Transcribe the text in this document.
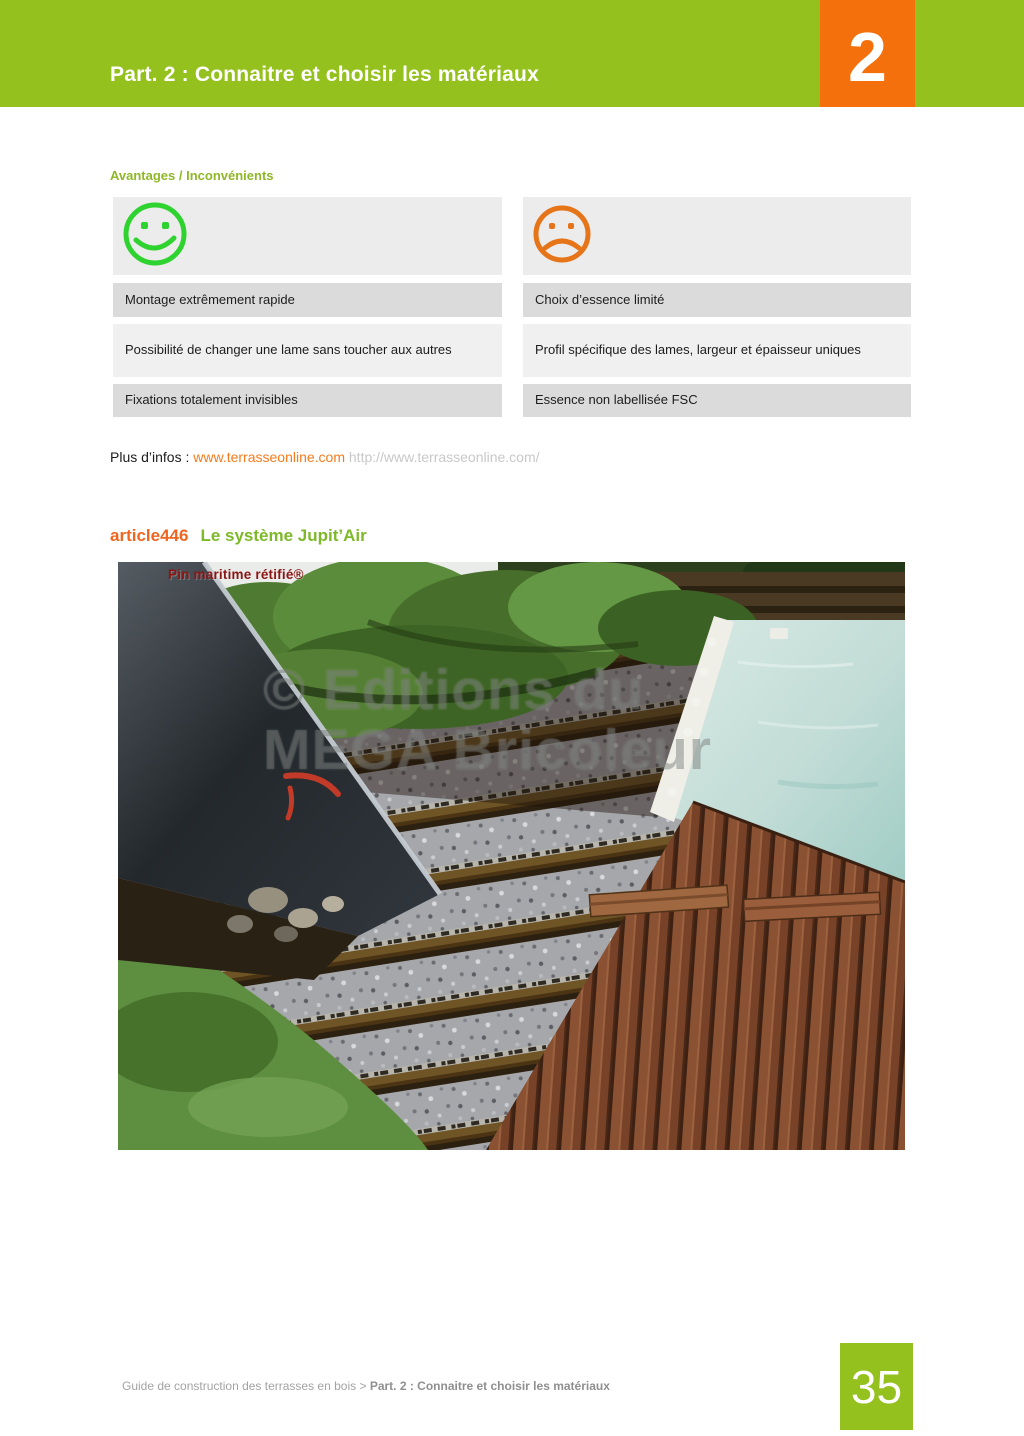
Part. 2 : Connaitre et choisir les matériaux	2
Avantages / Inconvénients
Montage extrêmement rapide	Choix d’essence limité
Possibilité de changer une lame sans toucher aux autres	Profil spécifique des lames, largeur et épaisseur uniques
Fixations totalement invisibles	Essence non labellisée FSC
Plus d’infos : www.terrasseonline.com http://www.terrasseonline.com/
article446 Le système Jupit’Air
Pin maritime rétifié®
© Editions du
MEGA Bricoleur
Guide de construction des terrasses en bois > Part. 2 : Connaitre et choisir les matériaux	35
